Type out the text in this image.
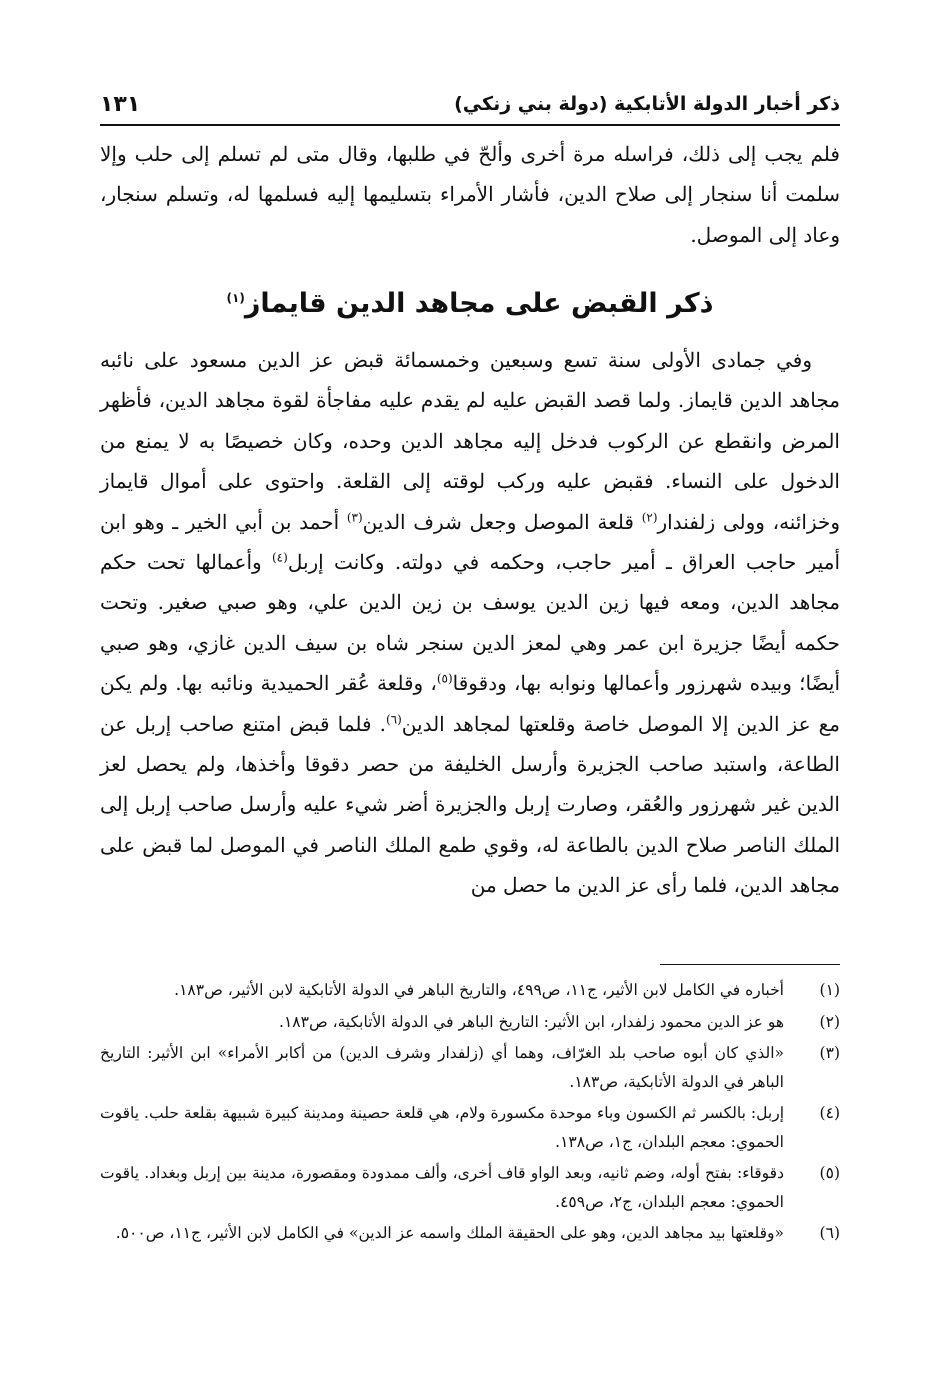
ذكر أخبار الدولة الأتابكية (دولة بني زنكي)
١٣١

فلم يجب إلى ذلك، فراسله مرة أخرى وألحّ في طلبها، وقال متى لم تسلم إلى حلب وإلا سلمت أنا سنجار إلى صلاح الدين، فأشار الأمراء بتسليمها إليه فسلمها له، وتسلم سنجار، وعاد إلى الموصل.

ذكر القبض على مجاهد الدين قايماز$^{(١)}$

وفي جمادى الأولى سنة تسع وسبعين وخمسمائة قبض عز الدين مسعود على نائبه مجاهد الدين قايماز. ولما قصد القبض عليه لم يقدم عليه مفاجأة لقوة مجاهد الدين، فأظهر المرض وانقطع عن الركوب فدخل إليه مجاهد الدين وحده، وكان خصيصًا به لا يمنع من الدخول على النساء. فقبض عليه وركب لوقته إلى القلعة. واحتوى على أموال قايماز وخزائنه، وولى زلفندار$^{(٢)}$ قلعة الموصل وجعل شرف الدين$^{(٣)}$ أحمد بن أبي الخير ـ وهو ابن أمير حاجب العراق ـ أمير حاجب، وحكمه في دولته. وكانت إربل$^{(٤)}$ وأعمالها تحت حكم مجاهد الدين، ومعه فيها زين الدين يوسف بن زين الدين علي، وهو صبي صغير. وتحت حكمه أيضًا جزيرة ابن عمر وهي لمعز الدين سنجر شاه بن سيف الدين غازي، وهو صبي أيضًا؛ وبيده شهرزور وأعمالها ونوابه بها، ودقوقا$^{(٥)}$، وقلعة عُقر الحميدية ونائبه بها. ولم يكن مع عز الدين إلا الموصل خاصة وقلعتها لمجاهد الدين$^{(٦)}$. فلما قبض امتنع صاحب إربل عن الطاعة، واستبد صاحب الجزيرة وأرسل الخليفة من حصر دقوقا وأخذها، ولم يحصل لعز الدين غير شهرزور والعُقر، وصارت إربل والجزيرة أضر شيء عليه وأرسل صاحب إربل إلى الملك الناصر صلاح الدين بالطاعة له، وقوي طمع الملك الناصر في الموصل لما قبض على مجاهد الدين، فلما رأى عز الدين ما حصل من

(١)
أخباره في الكامل لابن الأثير، ج١١، ص٤٩٩، والتاريخ الباهر في الدولة الأتابكية لابن الأثير، ص١٨٣.
(٢)
هو عز الدين محمود زلفدار، ابن الأثير: التاريخ الباهر في الدولة الأتابكية، ص١٨٣.
(٣)
«الذي كان أبوه صاحب بلد الغرّاف، وهما أي (زلفدار وشرف الدين) من أكابر الأمراء» ابن الأثير: التاريخ الباهر في الدولة الأتابكية، ص١٨٣.
(٤)
إربل: بالكسر ثم الكسون وباء موحدة مكسورة ولام، هي قلعة حصينة ومدينة كبيرة شبيهة بقلعة حلب. ياقوت الحموي: معجم البلدان، ج١، ص١٣٨.
(٥)
دقوقاء: بفتح أوله، وضم ثانيه، وبعد الواو قاف أخرى، وألف ممدودة ومقصورة، مدينة بين إربل وبغداد. ياقوت الحموي: معجم البلدان، ج٢، ص٤٥٩.
(٦)
«وقلعتها بيد مجاهد الدين، وهو على الحقيقة الملك واسمه عز الدين» في الكامل لابن الأثير، ج١١، ص٥٠٠.
